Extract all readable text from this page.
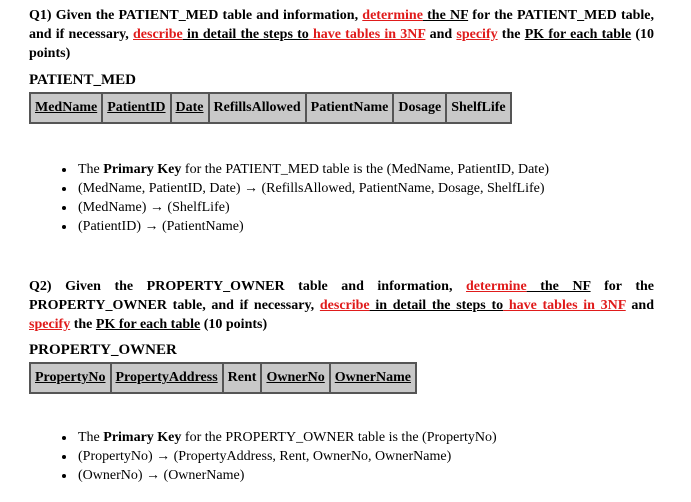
Q1) Given the PATIENT_MED table and information, determine the NF for the PATIENT_MED table, and if necessary, describe in detail the steps to have tables in 3NF and specify the PK for each table (10 points)

PATIENT_MED
MedName	PatientID	Date	RefillsAllowed	PatientName	Dosage	ShelfLife
• The Primary Key for the PATIENT_MED table is the (MedName, PatientID, Date)
• (MedName, PatientID, Date) → (RefillsAllowed, PatientName, Dosage, ShelfLife)
• (MedName) → (ShelfLife)
• (PatientID) → (PatientName)

Q2) Given the PROPERTY_OWNER table and information, determine the NF for the PROPERTY_OWNER table, and if necessary, describe in detail the steps to have tables in 3NF and specify the PK for each table (10 points)

PROPERTY_OWNER
PropertyNo	PropertyAddress	Rent	OwnerNo	OwnerName
• The Primary Key for the PROPERTY_OWNER table is the (PropertyNo)
• (PropertyNo) → (PropertyAddress, Rent, OwnerNo, OwnerName)
• (OwnerNo) → (OwnerName)
